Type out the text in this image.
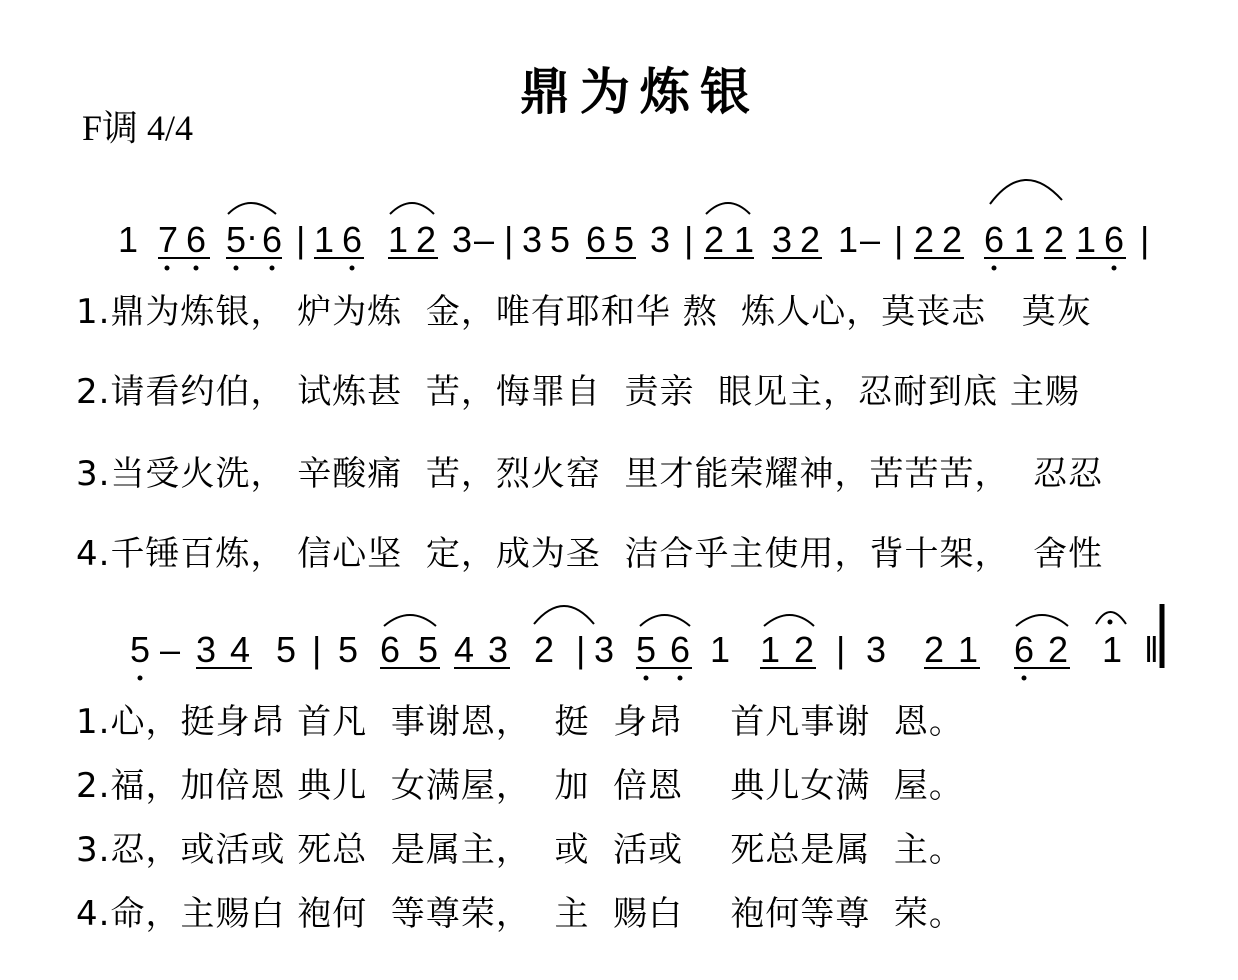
鼎为炼银
F调 4/4
1 7 6 5 · 6 | 1 6 1 2 3 – | 3 5 6 5 3 | 2 1 3 2 1 – | 2 2 6 1 2 1 6 |
5 – 3 4 5 | 5 6 5 4 3 2 | 3 5 6 1 1 2 | 3 2 1 6 2 1 ‖
1.鼎为炼银， 炉为炼  金，唯有耶和华 熬  炼人心，莫丧志   莫灰
2.请看约伯， 试炼甚  苦，悔罪自  责亲  眼见主，忍耐到底 主赐
3.当受火洗， 辛酸痛  苦，烈火窑  里才能荣耀神，苦苦苦，  忍忍
4.千锤百炼， 信心坚  定，成为圣  洁合乎主使用，背十架，  舍性
1.心，挺身昂 首凡  事谢恩，  挺  身昂    首凡事谢  恩。
2.福，加倍恩 典儿  女满屋，  加  倍恩    典儿女满  屋。
3.忍，或活或 死总  是属主，  或  活或    死总是属  主。
4.命，主赐白 袍何  等尊荣，  主  赐白    袍何等尊  荣。
